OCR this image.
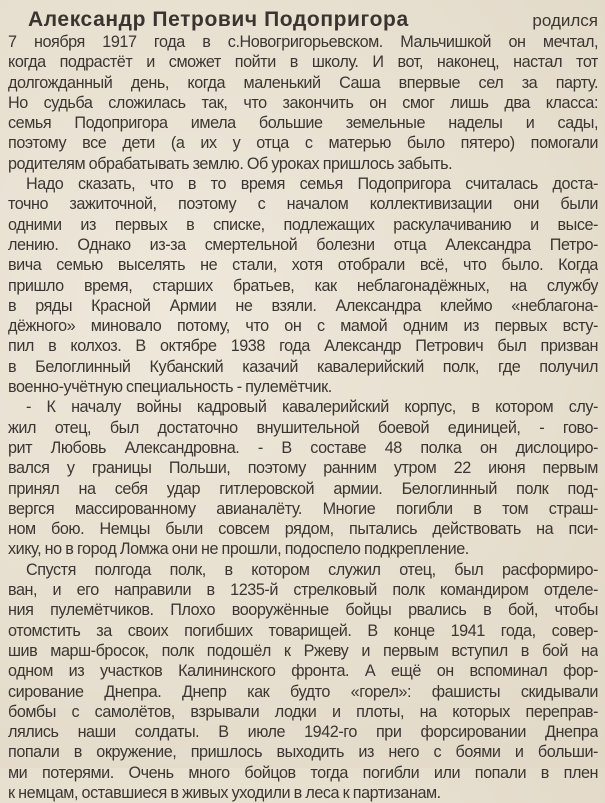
Александр Петрович Подопригора	родился
7 ноября 1917 года в с.Новогригорьевском. Мальчишкой он мечтал,
когда подрастёт и сможет пойти в школу. И вот, наконец, настал тот
долгожданный день, когда маленький Саша впервые сел за парту.
Но судьба сложилась так, что закончить он смог лишь два класса:
семья Подопригора имела большие земельные наделы и сады,
поэтому все дети (а их у отца с матерью было пятеро) помогали
родителям обрабатывать землю. Об уроках пришлось забыть.
Надо сказать, что в то время семья Подопригора считалась доста-
точно зажиточной, поэтому с началом коллективизации они были
одними из первых в списке, подлежащих раскулачиванию и высе-
лению. Однако из-за смертельной болезни отца Александра Петро-
вича семью выселять не стали, хотя отобрали всё, что было. Когда
пришло время, старших братьев, как неблагонадёжных, на службу
в ряды Красной Армии не взяли. Александра клеймо «неблагона-
дёжного» миновало потому, что он с мамой одним из первых всту-
пил в колхоз. В октябре 1938 года Александр Петрович был призван
в Белоглинный Кубанский казачий кавалерийский полк, где получил
военно-учётную специальность - пулемётчик.
- К началу войны кадровый кавалерийский корпус, в котором слу-
жил отец, был достаточно внушительной боевой единицей, - гово-
рит Любовь Александровна. - В составе 48 полка он дислоциро-
вался у границы Польши, поэтому ранним утром 22 июня первым
принял на себя удар гитлеровской армии. Белоглинный полк под-
вергся массированному авианалёту. Многие погибли в том страш-
ном бою. Немцы были совсем рядом, пытались действовать на пси-
хику, но в город Ломжа они не прошли, подоспело подкрепление.
Спустя полгода полк, в котором служил отец, был расформиро-
ван, и его направили в 1235-й стрелковый полк командиром отделе-
ния пулемётчиков. Плохо вооружённые бойцы рвались в бой, чтобы
отомстить за своих погибших товарищей. В конце 1941 года, совер-
шив марш-бросок, полк подошёл к Ржеву и первым вступил в бой на
одном из участков Калининского фронта. А ещё он вспоминал фор-
сирование Днепра. Днепр как будто «горел»: фашисты скидывали
бомбы с самолётов, взрывали лодки и плоты, на которых переправ-
лялись наши солдаты. В июле 1942-го при форсировании Днепра
попали в окружение, пришлось выходить из него с боями и больши-
ми потерями. Очень много бойцов тогда погибли или попали в плен
к немцам, оставшиеся в живых уходили в леса к партизанам.
